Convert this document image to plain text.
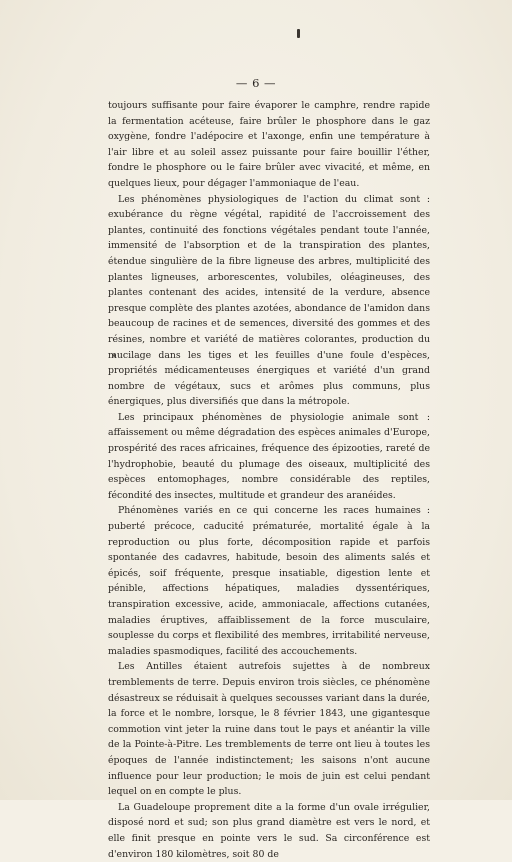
— 6 —

toujours suffisante pour faire évaporer le camphre, rendre rapide la fermentation acéteuse, faire brûler le phosphore dans le gaz oxygène, fondre l'adépocire et l'axonge, enfin une température à l'air libre et au soleil assez puissante pour faire bouillir l'éther, fondre le phosphore ou le faire brûler avec vivacité, et même, en quelques lieux, pour dégager l'ammoniaque de l'eau.

Les phénomènes physiologiques de l'action du climat sont : exubérance du règne végétal, rapidité de l'accroissement des plantes, continuité des fonctions végétales pendant toute l'année, immensité de l'absorption et de la transpiration des plantes, étendue singulière de la fibre ligneuse des arbres, multiplicité des plantes ligneuses, arborescentes, volubiles, oléagineuses, des plantes contenant des acides, intensité de la verdure, absence presque complète des plantes azotées, abondance de l'amidon dans beaucoup de racines et de semences, diversité des gommes et des résines, nombre et variété de matières colorantes, production du mucilage dans les tiges et les feuilles d'une foule d'espèces, propriétés médicamenteuses énergiques et variété d'un grand nombre de végétaux, sucs et arômes plus communs, plus énergiques, plus diversifiés que dans la métropole.

Les principaux phénomènes de physiologie animale sont : affaissement ou même dégradation des espèces animales d'Europe, prospérité des races africaines, fréquence des épizooties, rareté de l'hydrophobie, beauté du plumage des oiseaux, multiplicité des espèces entomophages, nombre considérable des reptiles, fécondité des insectes, multitude et grandeur des aranéides.

Phénomènes variés en ce qui concerne les races humaines : puberté précoce, caducité prématurée, mortalité égale à la reproduction ou plus forte, décomposition rapide et parfois spontanée des cadavres, habitude, besoin des aliments salés et épicés, soif fréquente, presque insatiable, digestion lente et pénible, affections hépatiques, maladies dyssentériques, transpiration excessive, acide, ammoniacale, affections cutanées, maladies éruptives, affaiblissement de la force musculaire, souplesse du corps et flexibilité des membres, irritabilité nerveuse, maladies spasmodiques, facilité des accouchements.

Les Antilles étaient autrefois sujettes à de nombreux tremblements de terre. Depuis environ trois siècles, ce phénomène désastreux se réduisait à quelques secousses variant dans la durée, la force et le nombre, lorsque, le 8 février 1843, une gigantesque commotion vint jeter la ruine dans tout le pays et anéantir la ville de la Pointe-à-Pitre. Les tremblements de terre ont lieu à toutes les époques de l'année indistinctement; les saisons n'ont aucune influence pour leur production; le mois de juin est celui pendant lequel on en compte le plus.

La Guadeloupe proprement dite a la forme d'un ovale irrégulier, disposé nord et sud; son plus grand diamètre est vers le nord, et elle finit presque en pointe vers le sud. Sa circonférence est d'environ 180 kilomètres, soit 80 de
